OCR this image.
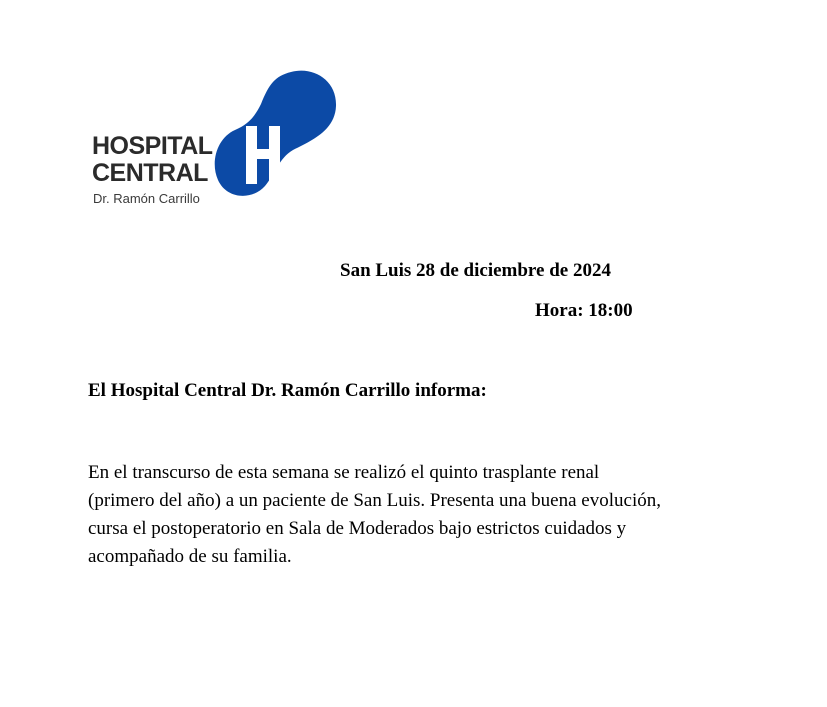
HOSPITAL
CENTRAL
Dr. Ramón Carrillo
San Luis 28 de diciembre de 2024
Hora: 18:00
El Hospital Central Dr. Ramón Carrillo informa:
En el transcurso de esta semana se realizó el quinto trasplante renal
(primero del año) a un paciente de San Luis. Presenta una buena evolución,
cursa el postoperatorio en Sala de Moderados bajo estrictos cuidados y
acompañado de su familia.
